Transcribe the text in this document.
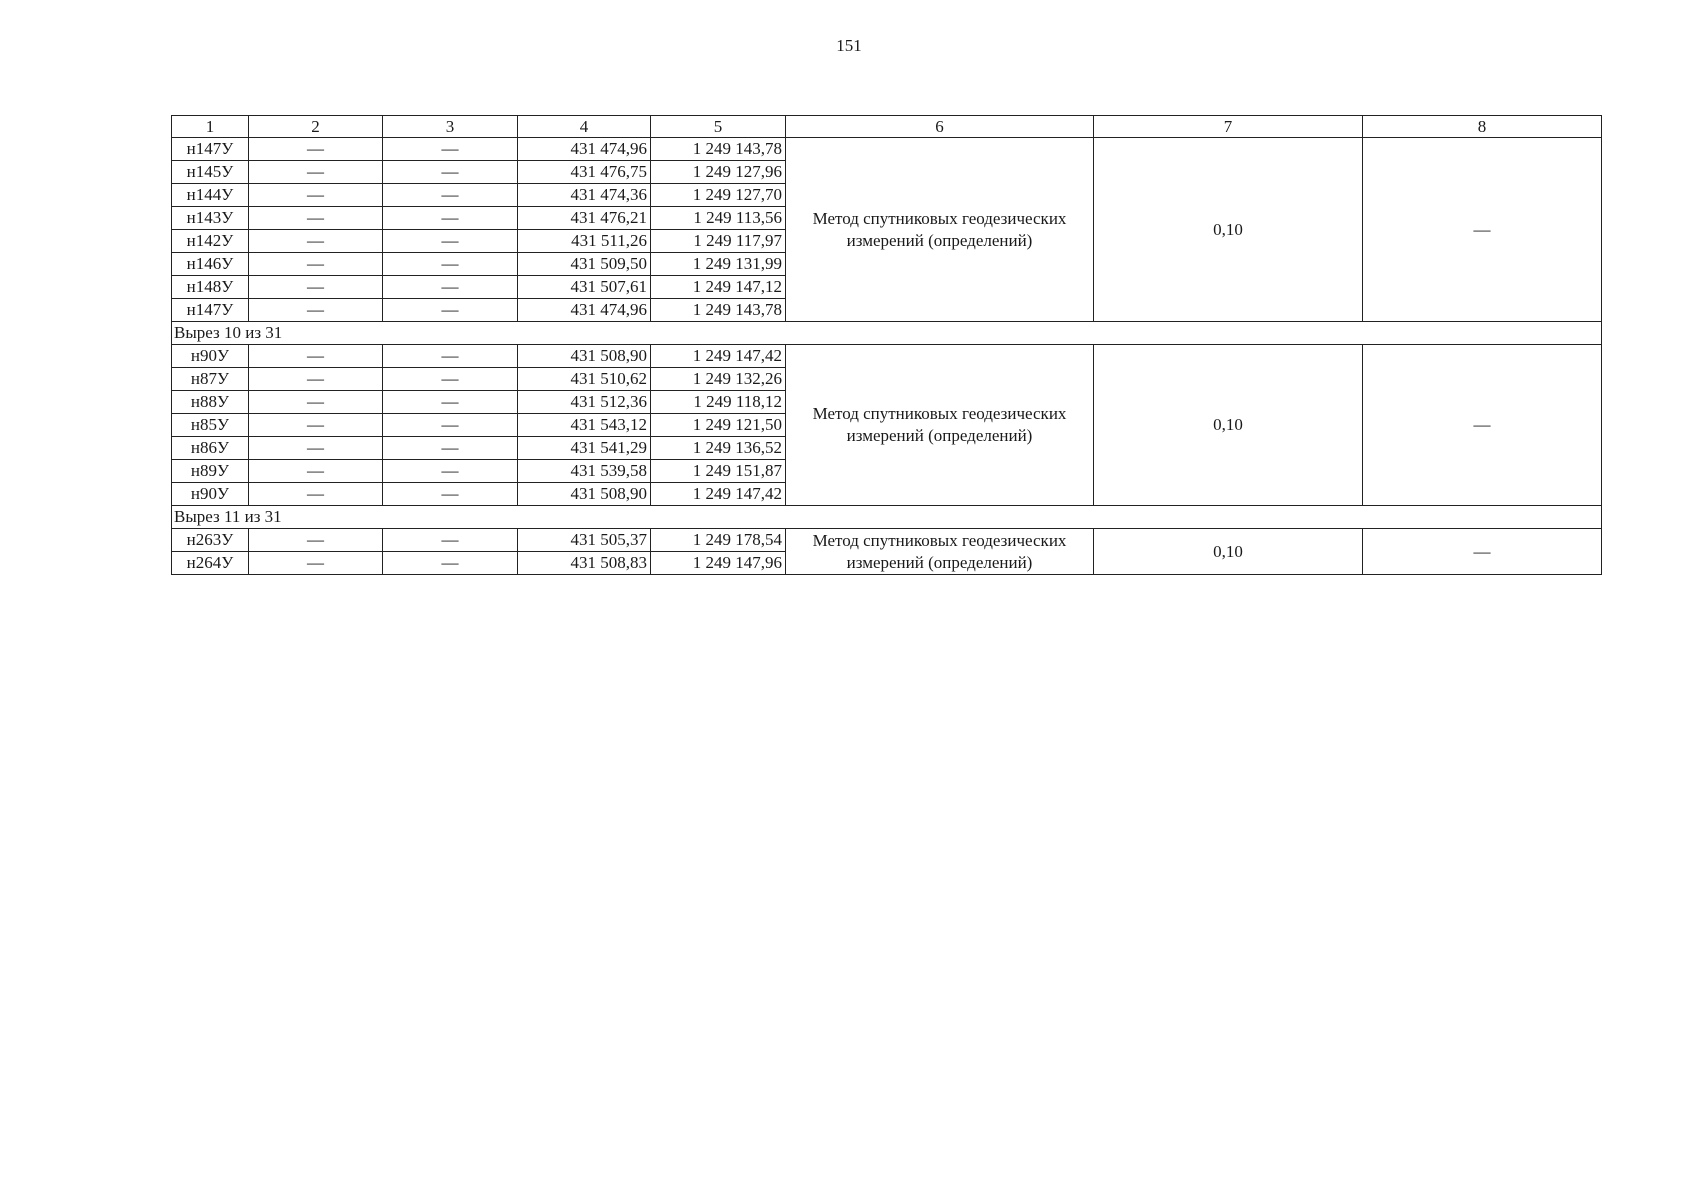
151
1	2	3	4	5	6	7	8
н147У	—	—	431 474,96	1 249 143,78	Метод спутниковых геодезических измерений (определений)	0,10	—
н145У	—	—	431 476,75	1 249 127,96			
н144У	—	—	431 474,36	1 249 127,70			
н143У	—	—	431 476,21	1 249 113,56			
н142У	—	—	431 511,26	1 249 117,97			
н146У	—	—	431 509,50	1 249 131,99			
н148У	—	—	431 507,61	1 249 147,12			
н147У	—	—	431 474,96	1 249 143,78			
Вырез 10 из 31							
н90У	—	—	431 508,90	1 249 147,42	Метод спутниковых геодезических измерений (определений)	0,10	—
н87У	—	—	431 510,62	1 249 132,26			
н88У	—	—	431 512,36	1 249 118,12			
н85У	—	—	431 543,12	1 249 121,50			
н86У	—	—	431 541,29	1 249 136,52			
н89У	—	—	431 539,58	1 249 151,87			
н90У	—	—	431 508,90	1 249 147,42			
Вырез 11 из 31							
н263У	—	—	431 505,37	1 249 178,54	Метод спутниковых геодезических измерений (определений)	0,10	—
н264У	—	—	431 508,83	1 249 147,96			
